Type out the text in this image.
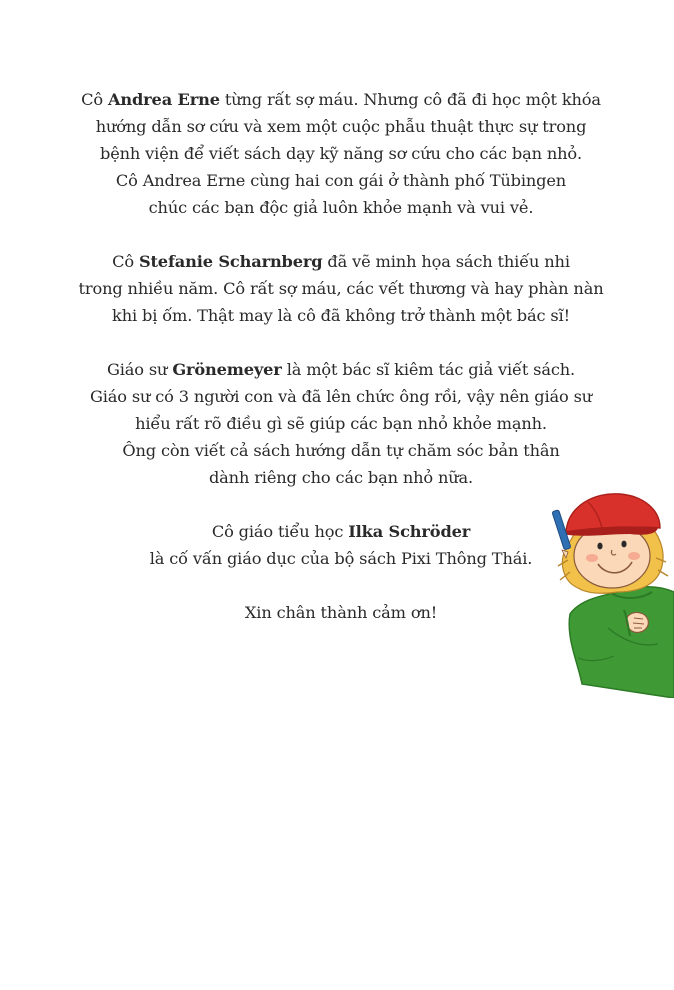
Cô Andrea Erne từng rất sợ máu. Nhưng cô đã đi học một khóa
hướng dẫn sơ cứu và xem một cuộc phẫu thuật thực sự trong
bệnh viện để viết sách dạy kỹ năng sơ cứu cho các bạn nhỏ.
Cô Andrea Erne cùng hai con gái ở thành phố Tübingen
chúc các bạn độc giả luôn khỏe mạnh và vui vẻ.

Cô Stefanie Scharnberg đã vẽ minh họa sách thiếu nhi
trong nhiều năm. Cô rất sợ máu, các vết thương và hay phàn nàn
khi bị ốm. Thật may là cô đã không trở thành một bác sĩ!

Giáo sư Grönemeyer là một bác sĩ kiêm tác giả viết sách.
Giáo sư có 3 người con và đã lên chức ông rồi, vậy nên giáo sư
hiểu rất rõ điều gì sẽ giúp các bạn nhỏ khỏe mạnh.
Ông còn viết cả sách hướng dẫn tự chăm sóc bản thân
dành riêng cho các bạn nhỏ nữa.

Cô giáo tiểu học Ilka Schröder
là cố vấn giáo dục của bộ sách Pixi Thông Thái.

Xin chân thành cảm ơn!
